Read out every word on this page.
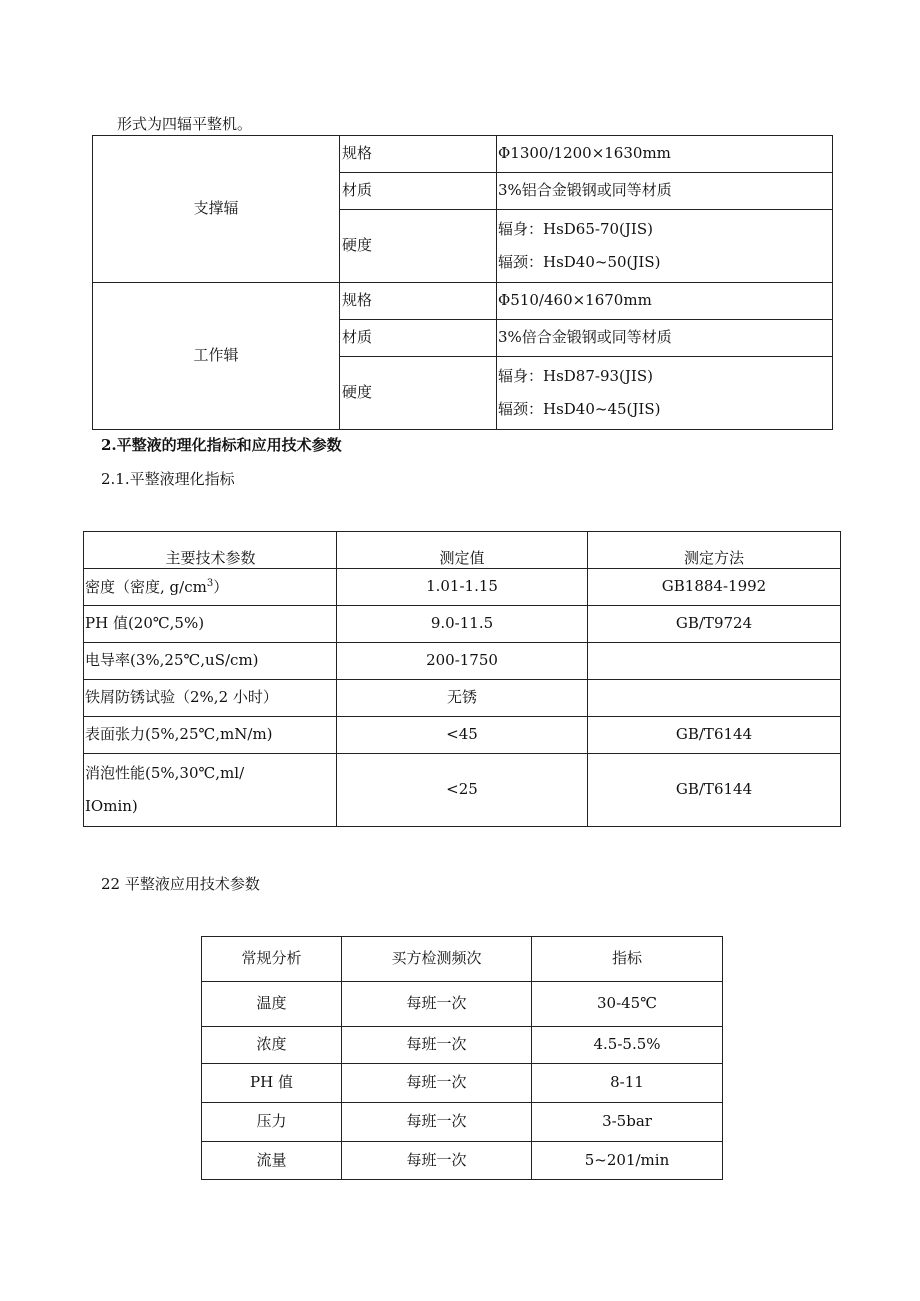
形式为四辐平整机。
支撑辐	规格	Φ1300/1200×1630mm
	材质	3%铝合金锻钢或同等材质
	硬度	辐身：HsD65-70(JIS)
辐颈：HsD40~50(JIS)

工作辑	规格	Φ510/460×1670mm
	材质	3%倍合金锻钢或同等材质
	硬度	辐身：HsD87-93(JIS)
辐颈：HsD40~45(JIS)
2.平整液的理化指标和应用技术参数
2.1.平整液理化指标
主要技术参数	测定值	测定方法
密度（密度, $g∕cm^3$）	1.01-1.15	GB1884-1992
PH 值(20℃,5%)	9.0-11.5	GB/T9724
电导率(3%,25℃,uS∕cm)	200-1750	
铁屑防锈试验（2%,2 小时）	无锈	
表面张力(5%,25℃,mN∕m)	<45	GB/T6144

消泡性能(5%,30℃,ml/
IOmin)	<25	GB/T6144
22 平整液应用技术参数
常规分析	买方检测频次	指标
温度	每班一次	30-45℃
浓度	每班一次	4.5-5.5%
PH 值	每班一次	8-11
压力	每班一次	3-5bar
流量	每班一次	5~201∕min
